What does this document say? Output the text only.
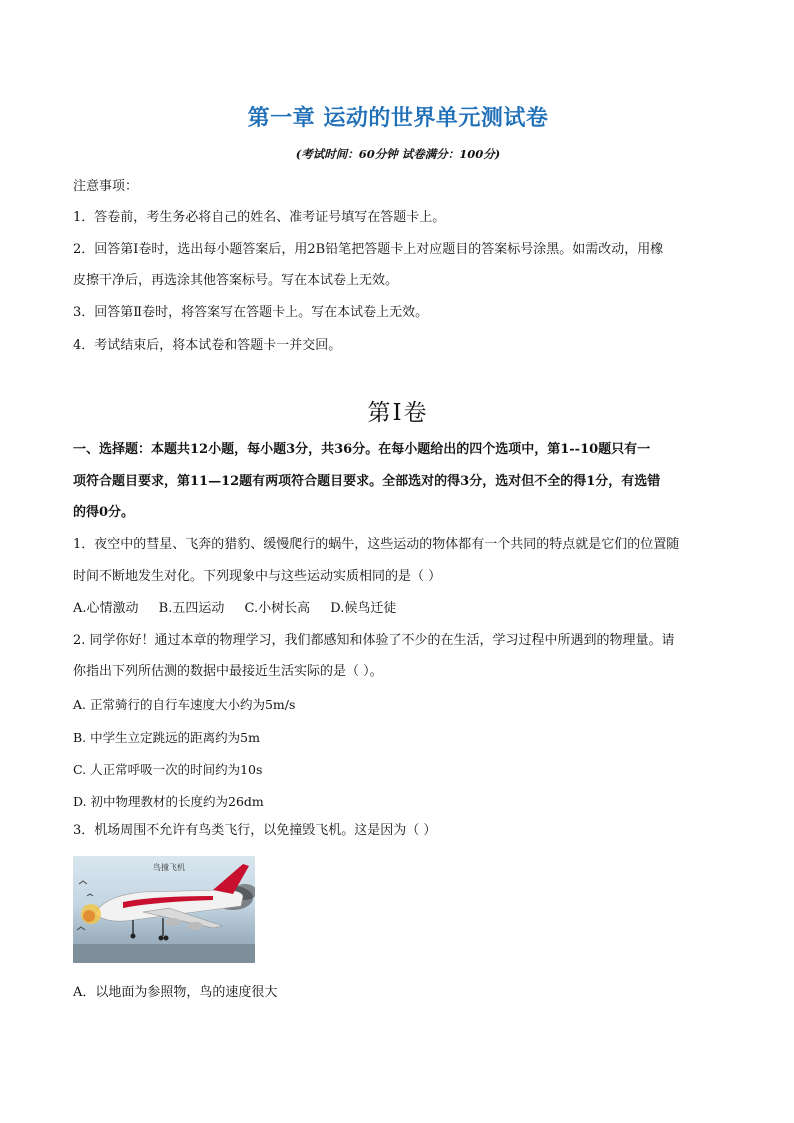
第一章 运动的世界单元测试卷
(考试时间：60分钟 试卷满分：100分)
注意事项：
1．答卷前，考生务必将自己的姓名、准考证号填写在答题卡上。
2．回答第Ⅰ卷时，选出每小题答案后，用2B铅笔把答题卡上对应题目的答案标号涂黑。如需改动，用橡
皮擦干净后，再选涂其他答案标号。写在本试卷上无效。
3．回答第Ⅱ卷时，将答案写在答题卡上。写在本试卷上无效。
4．考试结束后，将本试卷和答题卡一并交回。
第Ⅰ卷
一、选择题：本题共12小题，每小题3分，共36分。在每小题给出的四个选项中，第1--10题只有一
项符合题目要求，第11—12题有两项符合题目要求。全部选对的得3分，选对但不全的得1分，有选错
的得0分。
1．夜空中的彗星、飞奔的猎豹、缓慢爬行的蜗牛，这些运动的物体都有一个共同的特点就是它们的位置随
时间不断地发生对化。下列现象中与这些运动实质相同的是（ ）
A.心情激动 B.五四运动 C.小树长高 D.候鸟迁徒
2. 同学你好！通过本章的物理学习，我们都感知和体验了不少的在生活，学习过程中所遇到的物理量。请
你指出下列所估测的数据中最接近生活实际的是（ ）。
A. 正常骑行的自行车速度大小约为5m/s
B. 中学生立定跳远的距离约为5m
C. 人正常呼吸一次的时间约为10s
D. 初中物理教材的长度约为26dm
3．机场周围不允许有鸟类飞行，以免撞毁飞机。这是因为（ ）
鸟撞飞机
A．以地面为参照物，鸟的速度很大
